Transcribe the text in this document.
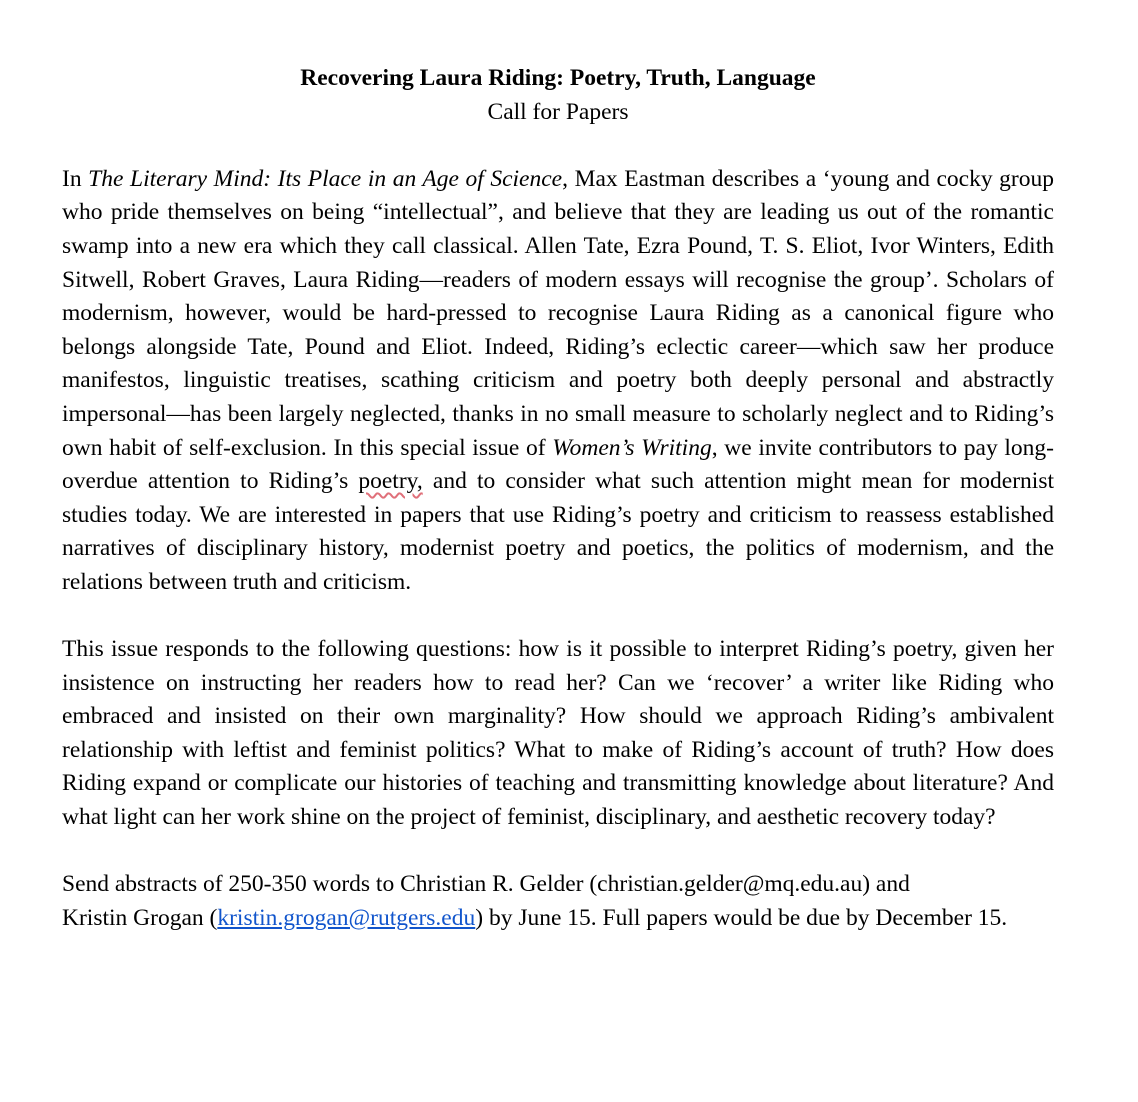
Recovering Laura Riding: Poetry, Truth, Language

Call for Papers

In The Literary Mind: Its Place in an Age of Science, Max Eastman describes a ‘young and cocky group who pride themselves on being “intellectual”, and believe that they are leading us out of the romantic swamp into a new era which they call classical. Allen Tate, Ezra Pound, T. S. Eliot, Ivor Winters, Edith Sitwell, Robert Graves, Laura Riding—readers of modern essays will recognise the group’. Scholars of modernism, however, would be hard-pressed to recognise Laura Riding as a canonical figure who belongs alongside Tate, Pound and Eliot. Indeed, Riding’s eclectic career—which saw her produce manifestos, linguistic treatises, scathing criticism and poetry both deeply personal and abstractly impersonal—has been largely neglected, thanks in no small measure to scholarly neglect and to Riding’s own habit of self-exclusion. In this special issue of Women’s Writing, we invite contributors to pay long-overdue attention to Riding’s poetry, and to consider what such attention might mean for modernist studies today. We are interested in papers that use Riding’s poetry and criticism to reassess established narratives of disciplinary history, modernist poetry and poetics, the politics of modernism, and the relations between truth and criticism.

This issue responds to the following questions: how is it possible to interpret Riding’s poetry, given her insistence on instructing her readers how to read her? Can we ‘recover’ a writer like Riding who embraced and insisted on their own marginality? How should we approach Riding’s ambivalent relationship with leftist and feminist politics? What to make of Riding’s account of truth? How does Riding expand or complicate our histories of teaching and transmitting knowledge about literature? And what light can her work shine on the project of feminist, disciplinary, and aesthetic recovery today?

Send abstracts of 250-350 words to Christian R. Gelder (christian.gelder@mq.edu.au) and
Kristin Grogan (kristin.grogan@rutgers.edu) by June 15. Full papers would be due by December 15.
